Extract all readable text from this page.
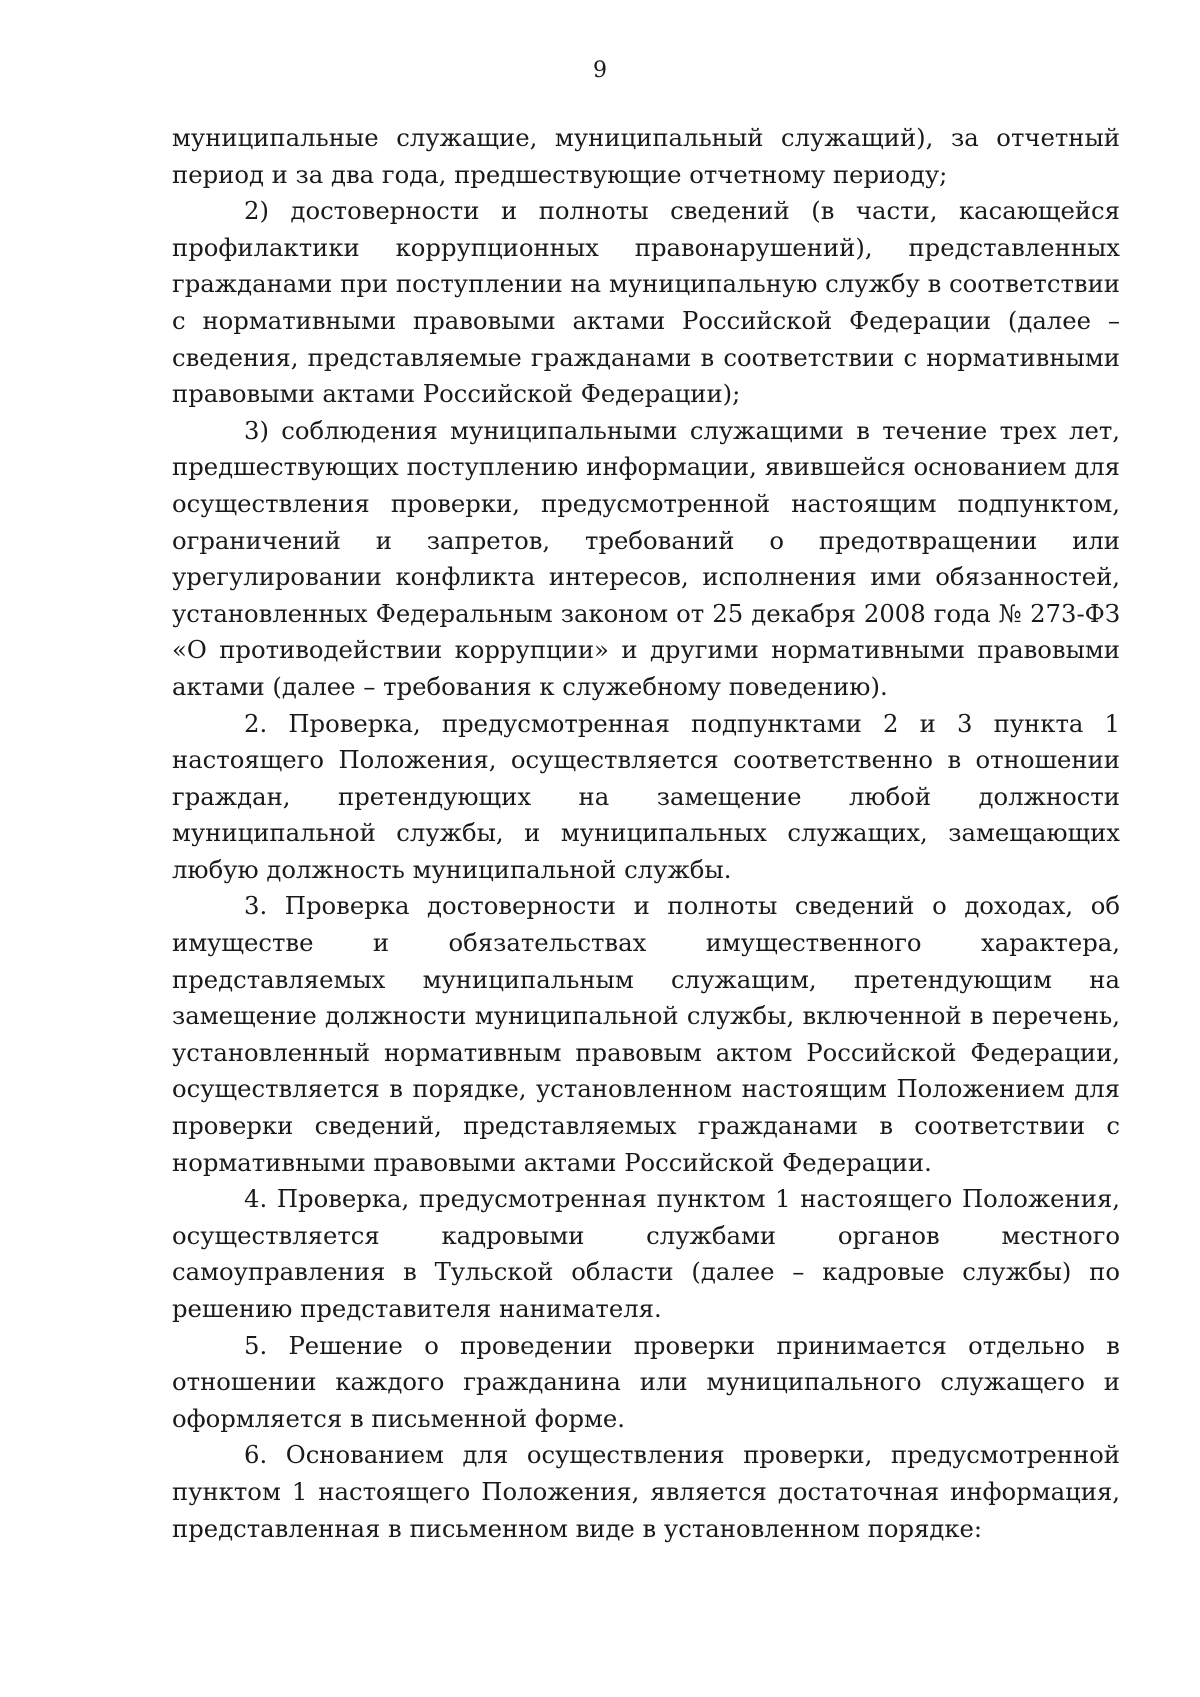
9

муниципальные служащие, муниципальный служащий), за отчетный период и за два года, предшествующие отчетному периоду;

2) достоверности и полноты сведений (в части, касающейся профилактики коррупционных правонарушений), представленных гражданами при поступлении на муниципальную службу в соответствии с нормативными правовыми актами Российской Федерации (далее – сведения, представляемые гражданами в соответствии с нормативными правовыми актами Российской Федерации);

3) соблюдения муниципальными служащими в течение трех лет, предшествующих поступлению информации, явившейся основанием для осуществления проверки, предусмотренной настоящим подпунктом, ограничений и запретов, требований о предотвращении или урегулировании конфликта интересов, исполнения ими обязанностей, установленных Федеральным законом от 25 декабря 2008 года № 273-ФЗ «О противодействии коррупции» и другими нормативными правовыми актами (далее – требования к служебному поведению).

2. Проверка, предусмотренная подпунктами 2 и 3 пункта 1 настоящего Положения, осуществляется соответственно в отношении граждан, претендующих на замещение любой должности муниципальной службы, и муниципальных служащих, замещающих любую должность муниципальной службы.

3. Проверка достоверности и полноты сведений о доходах, об имуществе и обязательствах имущественного характера, представляемых муниципальным служащим, претендующим на замещение должности муниципальной службы, включенной в перечень, установленный нормативным правовым актом Российской Федерации, осуществляется в порядке, установленном настоящим Положением для проверки сведений, представляемых гражданами в соответствии с нормативными правовыми актами Российской Федерации.

4. Проверка, предусмотренная пунктом 1 настоящего Положения, осуществляется кадровыми службами органов местного самоуправления в Тульской области (далее – кадровые службы) по решению представителя нанимателя.

5. Решение о проведении проверки принимается отдельно в отношении каждого гражданина или муниципального служащего и оформляется в письменной форме.

6. Основанием для осуществления проверки, предусмотренной пунктом 1 настоящего Положения, является достаточная информация, представленная в письменном виде в установленном порядке:
